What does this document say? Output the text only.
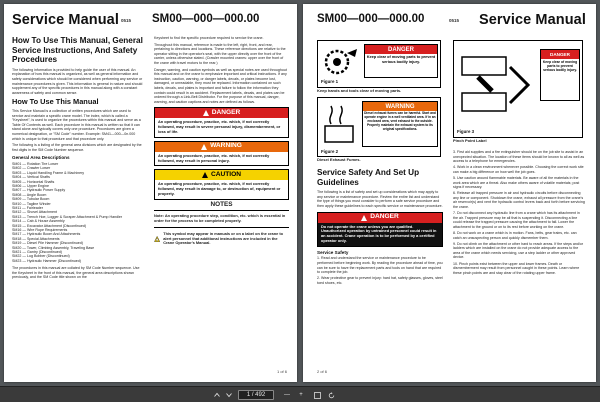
Service Manual 0515 SM00—000—000.00
How To Use This Manual, General Service Instructions, And Safety Procedures
The following information is provided to help guide the user of this manual. An explanation of how this manual is organized, as well as general information and safety considerations which should be considered when performing any service or maintenance procedures is given. This information is general in nature and should supplement any of the specific procedures in this manual along with a constant awareness of safety and common sense.
How To Use This Manual
This Service Manual is a collection of written procedures which are used to service and maintain a specific crane model. The index, which is called a "Keysheet", is used to organize the procedures within this manual and serve as a Table Of Contents as well. Each procedure in this manual is written so that it can stand alone and typically covers only one procedure. Procedures are given a numerical designation, or "SM Code" number. Example: SM41—000—0n.000 which is unique to that procedure and that procedure only.
The following is a listing of the general area divisions which are designated by the first digits in the SM Code Number sequence.
General Area Descriptions
SM01 — Rotation Tire Lower
SM02 — Crawler Lower
SM03 — Liquid Handling Frame & Machinery
SM04 — Vertical Shafts
SM05 — Horizontal Shafts
SM06 — Upper Engine
SM07 — Hydraulic Power Supply
SM08 — Angle Boom
SM09 — Tubular Boom
SM10 — Tagline Winder
SM11 — Fairleader
SM12 — Shovel Attachment
SM13 — Trench Hoe, Logger & Scraper Attachment & Pump Handler
SM14 — Cab & House Assembly
SM15 — Excavator Attachment (Discontinued)
SM16 — Wire Rope Requirements
SM17 — Hydraulic Boom And Attachments
SM18 — Special Attachments
SM19 — Diesel Pile Hammer (Discontinued)
SM20 — Tower, Climbing Assembly, Traveling Base
SM21 — Gantry (Discontinued)
SM22 — Lug Bobber (Discontinued)
SM23 — Hydraulic Hammer (Discontinued)
The procedures in this manual are collated by SM Code Number sequence. Use the Keysheet in the front of this manual, the general area descriptions shown previously, and the SM Code title shown on the
Keysheet to find the specific procedure required to service the crane.
Throughout this manual, reference is made to the left, right, front, and rear, pertaining to directions and locations. These reference directions are relative to the operator sitting in the operator's seat, with the upper directly over the front of the carrier, unless otherwise stated. (Crawler mounted cranes: upper over the front of the crane with travel motors to the rear.)
Danger, warning, and caution symbols as well as special notes are used throughout this manual and on the crane to emphasize important and critical instructions. If any instruction, caution, warning, or danger labels, decals, or plates become lost, damaged, or unreadable, they must be replaced. Information contained on such labels, decals, and plates is important and failure to follow the information they contain could result in an accident. Replacement labels, decals, and plates can be ordered through a Link-Belt Distributor. For the purpose of this manual, danger, warning, and caution captions and notes are defined as follows.
DANGER
An operating procedure, practice, etc. which, if not correctly followed, may result in severe personal injury, dismemberment, or loss of life.
WARNING
An operating procedure, practice, etc. which, if not correctly followed, may result in personal injury.
CAUTION
An operating procedure, practice, etc. which, if not correctly followed, may result in damage to, or destruction of, equipment or property.
NOTES
Note: An operating procedure step, condition, etc. which is essential in order for the process to be completed properly.
This symbol may appear in manuals or on a label on the crane to alert personnel that additional instructions are included in the Crane Operator's Manual.
1 of 6
SM00—000—000.00	0515 Service Manual
DANGER
Keep clear of moving parts to prevent serious bodily injury.
Figure 1
Keep hands and tools clear of moving parts.
DANGER
Keep clear of moving parts to prevent serious bodily injury.
Figure 3
Pinch Point Label
WARNING
Diesel exhaust fumes can be harmful. Start and operate engine in a well ventilated area. If in an enclosed area, vent exhaust to the outside. Properly maintain the exhaust system to its original specifications.
Figure 2
Diesel Exhaust Fumes.
Service Safety And Set Up Guidelines
The following is a list of safety and set up considerations which may apply to any service or maintenance procedure. Review the entire list and understand the type of things you must consider to perform a safe service procedure and then apply these guidelines to each specific service or maintenance procedure.
DANGER
Do not operate the crane unless you are qualified. Unauthorized operation by untrained personnel could result in an accident. Crane operation is to be performed by a certified operator only.
Service Safety
1. Read and understand the service or maintenance procedure to be performed before beginning work. By reading the procedure ahead of time, you can be sure to have the replacement parts and tools on hand that are required to complete the job.
2. Wear protective gear to prevent injury: hard hat, safety glasses, gloves, steel toed shoes, etc.
3. First aid supplies and a fire extinguisher should be on the job site to assist in an unexpected situation. The location of these items should be known to all as well as access to a telephone for emergencies.
4. Work in a clean environment whenever possible. Choosing the correct work site can make a big difference on how well the job goes.
5. Use caution around flammable materials. Be aware of all the materials in the work area which are a threat. Also make others aware of volatile materials; post signs if necessary.
6. Release all trapped pressure in air and hydraulic circuits before disconnecting any line or component. Shutdown the crane, exhaust all pressure from the crane's air reservoir(s) and vent the hydraulic control levers back and forth before servicing the crane.
7. Do not disconnect any hydraulic line from a crane which has its attachment in the air. Trapped pressure may be all that is suspending it. Disconnecting a line could release the trapped pressure causing the attachment to fall. Lower the attachment to the ground or on to its rest before working on the crane.
8. Do not work on a crane which is in motion. Fans, belts, gear trains, etc. can catch an unsuspecting person and quickly dismember them.
9. Do not climb on the attachment or other hard to reach areas. If the steps and/or ladders which are installed on the crane do not provide adequate access to the area of the crane which needs servicing, use a step ladder or other approved device.
10. Pinch points exist between the upper and lower frames. Death or dismemberment may result from personnel caught in these points. Learn where these pinch points are and stay clear of the rotating upper frame.
2 of 6
1 / 492	—	+
